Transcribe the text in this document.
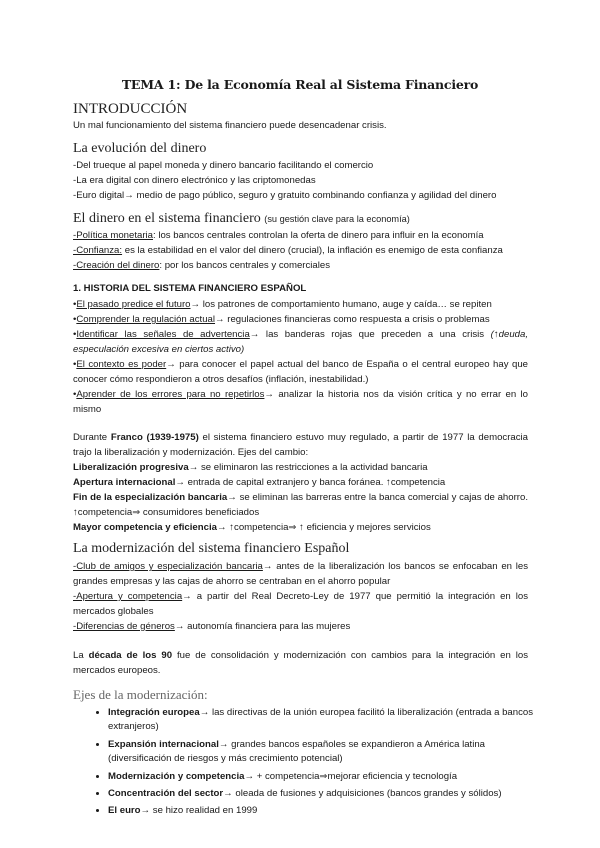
TEMA 1: De la Economía Real al Sistema Financiero
INTRODUCCIÓN
Un mal funcionamiento del sistema financiero puede desencadenar crisis.
La evolución del dinero
-Del trueque al papel moneda y dinero bancario facilitando el comercio
-La era digital con dinero electrónico y las criptomonedas
-Euro digital→ medio de pago público, seguro y gratuito combinando confianza y agilidad del dinero
El dinero en el sistema financiero (su gestión clave para la economía)
-Política monetaria: los bancos centrales controlan la oferta de dinero para influir en la economía
-Confianza: es la estabilidad en el valor del dinero (crucial), la inflación es enemigo de esta confianza
-Creación del dinero: por los bancos centrales y comerciales
1. HISTORIA DEL SISTEMA FINANCIERO ESPAÑOL
•El pasado predice el futuro→ los patrones de comportamiento humano, auge y caída… se repiten
•Comprender la regulación actual→ regulaciones financieras como respuesta a crisis o problemas
•Identificar las señales de advertencia→ las banderas rojas que preceden a una crisis (↑deuda, especulación excesiva en ciertos activo)
•El contexto es poder→ para conocer el papel actual del banco de España o el central europeo hay que conocer cómo respondieron a otros desafíos (inflación, inestabilidad.)
•Aprender de los errores para no repetirlos→ analizar la historia nos da visión crítica y no errar en lo mismo
Durante Franco (1939-1975) el sistema financiero estuvo muy regulado, a partir de 1977 la democracia trajo la liberalización y modernización. Ejes del cambio:
Liberalización progresiva→ se eliminaron las restricciones a la actividad bancaria
Apertura internacional→ entrada de capital extranjero y banca foránea. ↑competencia
Fin de la especialización bancaria→ se eliminan las barreras entre la banca comercial y cajas de ahorro. ↑competencia⇒ consumidores beneficiados
Mayor competencia y eficiencia→ ↑competencia⇒ ↑ eficiencia y mejores servicios
La modernización del sistema financiero Español
-Club de amigos y especialización bancaria→ antes de la liberalización los bancos se enfocaban en les grandes empresas y las cajas de ahorro se centraban en el ahorro popular
-Apertura y competencia→ a partir del Real Decreto-Ley de 1977 que permitió la integración en los mercados globales
-Diferencias de géneros→ autonomía financiera para las mujeres
La década de los 90 fue de consolidación y modernización con cambios para la integración en los mercados europeos.
Ejes de la modernización:
• Integración europea→ las directivas de la unión europea facilitó la liberalización (entrada a bancos extranjeros)
• Expansión internacional→ grandes bancos españoles se expandieron a América latina (diversificación de riesgos y más crecimiento potencial)
• Modernización y competencia→ + competencia⇒mejorar eficiencia y tecnología
• Concentración del sector→ oleada de fusiones y adquisiciones (bancos grandes y sólidos)
• El euro→ se hizo realidad en 1999
